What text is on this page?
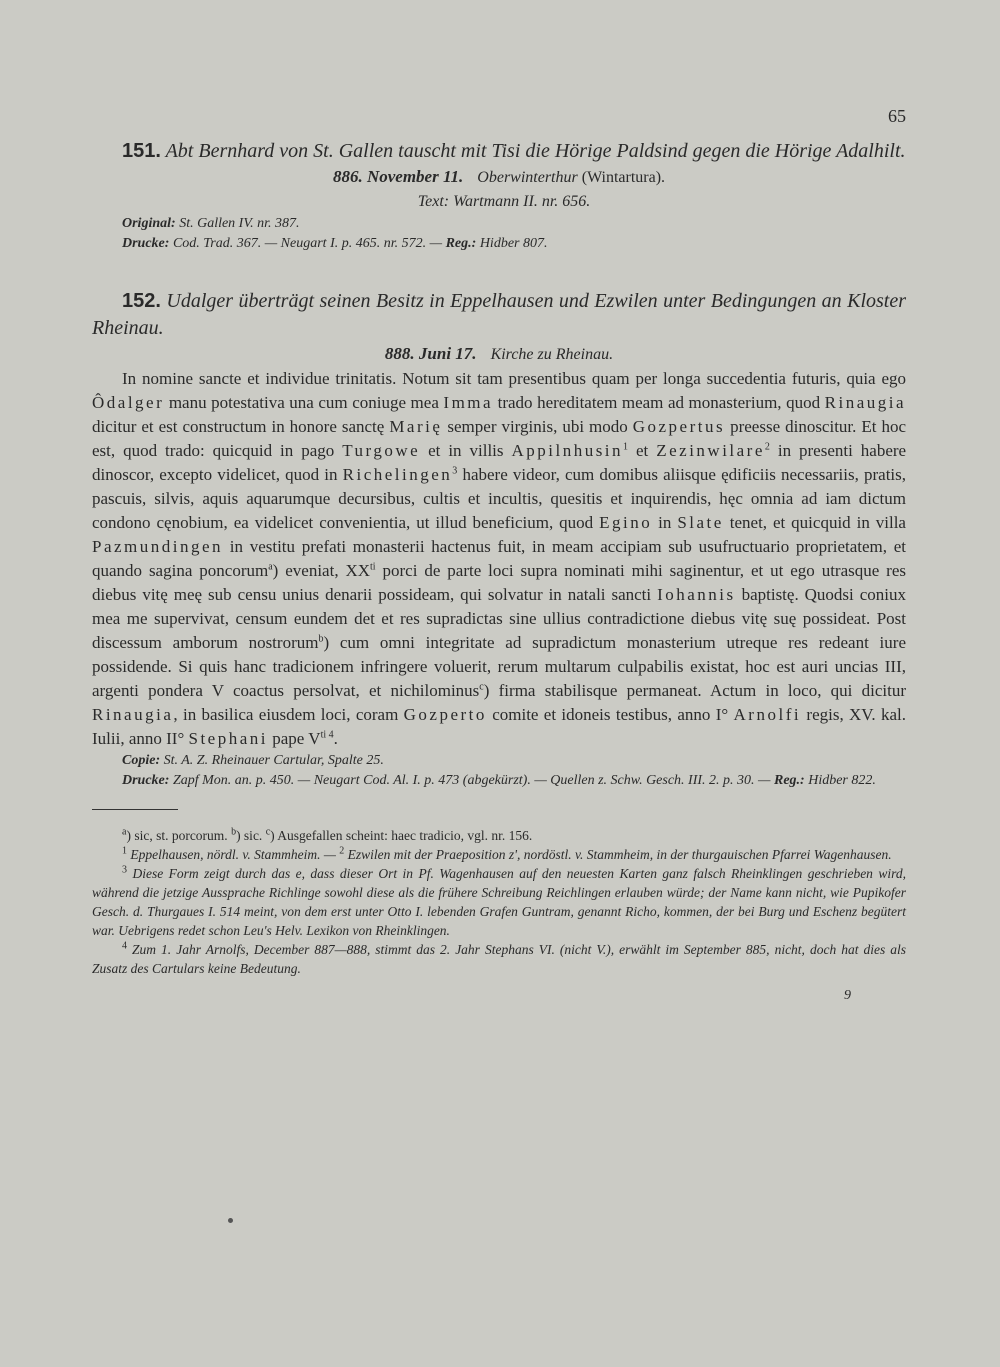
65
151. Abt Bernhard von St. Gallen tauscht mit Tisi die Hörige Paldsind gegen die Hörige Adalhilt.
886. November 11. Oberwinterthur (Wintartura).
Text: Wartmann II. nr. 656.
Original: St. Gallen IV. nr. 387.
Drucke: Cod. Trad. 367. — Neugart I. p. 465. nr. 572. — Reg.: Hidber 807.
152. Udalger überträgt seinen Besitz in Eppelhausen und Ezwilen unter Bedingungen an Kloster Rheinau.
888. Juni 17. Kirche zu Rheinau.
In nomine sancte et individue trinitatis. Notum sit tam presentibus quam per longa succedentia futuris, quia ego Ôdalger manu potestativa una cum coniuge mea Imma trado hereditatem meam ad monasterium, quod Rinaugia dicitur et est constructum in honore sanctę Marię semper virginis, ubi modo Gozpertus preesse dinoscitur. Et hoc est, quod trado: quicquid in pago Turgowe et in villis Appilnhusin$^1$ et Zezinwilare$^2$ in presenti habere dinoscor, excepto videlicet, quod in Richelingen$^3$ habere videor, cum domibus aliisque ędificiis necessariis, pratis, pascuis, silvis, aquis aquarumque decursibus, cultis et incultis, quesitis et inquirendis, hęc omnia ad iam dictum condono cęnobium, ea videlicet convenientia, ut illud beneficium, quod Egino in Slate tenet, et quicquid in villa Pazmundingen in vestitu prefati monasterii hactenus fuit, in meam accipiam sub usufructuario proprietatem, et quando sagina poncorum$^a$) eveniat, $XX^{ti}$ porci de parte loci supra nominati mihi saginentur, et ut ego utrasque res diebus vitę meę sub censu unius denarii possideam, qui solvatur in natali sancti Iohannis baptistę. Quodsi coniux mea me supervivat, censum eundem det et res supradictas sine ullius contradictione diebus vitę suę possideat. Post discessum amborum nostrorum$^b$) cum omni integritate ad supradictum monasterium utreque res redeant iure possidende. Si quis hanc tradicionem infringere voluerit, rerum multarum culpabilis existat, hoc est auri uncias III, argenti pondera V coactus persolvat, et nichilominus$^c$) firma stabilisque permaneat. Actum in loco, qui dicitur Rinaugia, in basilica eiusdem loci, coram Gozperto comite et idoneis testibus, anno I° Arnolfi regis, XV. kal. Iulii, anno II° Stephani pape $V^{ti 4}$.
Copie: St. A. Z. Rheinauer Cartular, Spalte 25.
Drucke: Zapf Mon. an. p. 450. — Neugart Cod. Al. I. p. 473 (abgekürzt). — Quellen z. Schw. Gesch. III. 2. p. 30. — Reg.: Hidber 822.
$^a$) sic, st. porcorum. $^b$) sic. $^c$) Ausgefallen scheint: haec tradicio, vgl. nr. 156.
$^1$ Eppelhausen, nördl. v. Stammheim. — $^2$ Ezwilen mit der Praeposition z', nordöstl. v. Stammheim, in der thurgauischen Pfarrei Wagenhausen.
$^3$ Diese Form zeigt durch das e, dass dieser Ort in Pf. Wagenhausen auf den neuesten Karten ganz falsch Rheinklingen geschrieben wird, während die jetzige Aussprache Richlinge sowohl diese als die frühere Schreibung Reichlingen erlauben würde; der Name kann nicht, wie Pupikofer Gesch. d. Thurgaues I. 514 meint, von dem erst unter Otto I. lebenden Grafen Guntram, genannt Richo, kommen, der bei Burg und Eschenz begütert war. Uebrigens redet schon Leu's Helv. Lexikon von Rheinklingen.
$^4$ Zum 1. Jahr Arnolfs, December 887—888, stimmt das 2. Jahr Stephans VI. (nicht V.), erwählt im September 885, nicht, doch hat dies als Zusatz des Cartulars keine Bedeutung.
9
